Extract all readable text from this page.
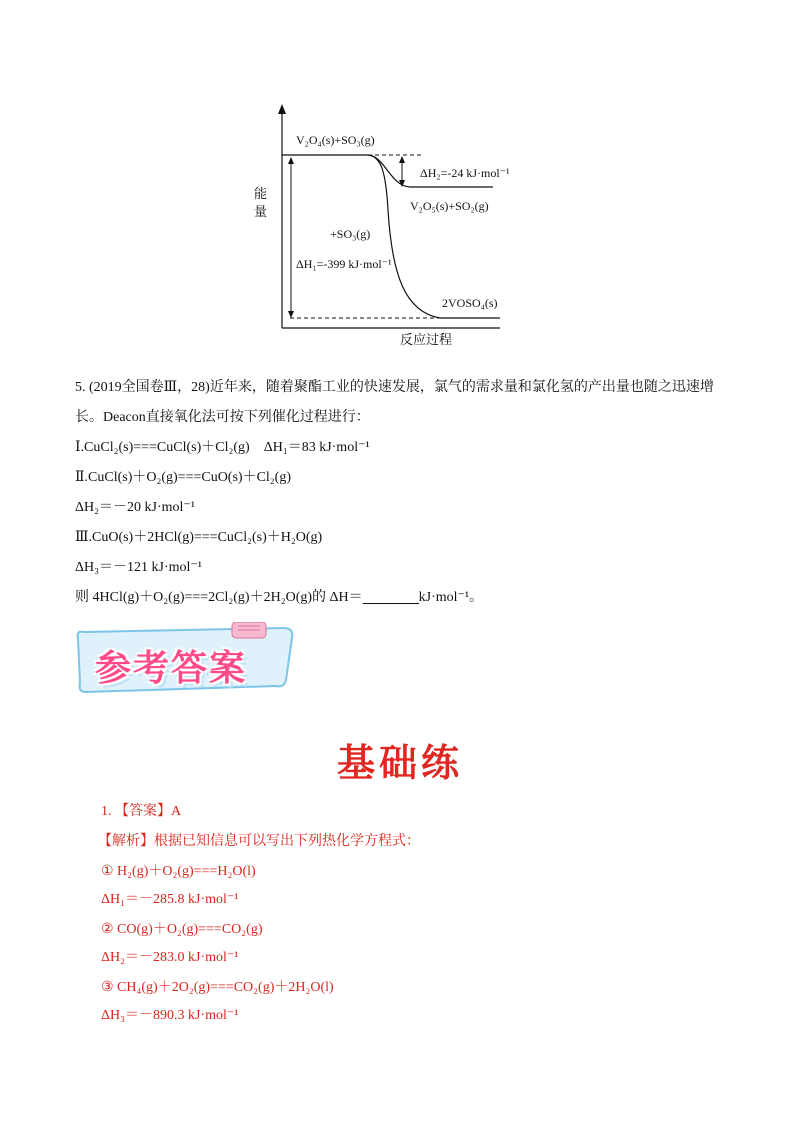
能
量
反应过程
V₂O₄(s)+SO₃(g)
ΔH₂=-24 kJ·mol⁻¹
V₂O₅(s)+SO₂(g)
+SO₃(g)
ΔH₁=-399 kJ·mol⁻¹
2VOSO₄(s)
5. (2019全国卷Ⅲ，28)近年来，随着聚酯工业的快速发展，氯气的需求量和氯化氢的产出量也随之迅速增
长。Deacon直接氧化法可按下列催化过程进行：
Ⅰ.CuCl₂(s)===CuCl(s)＋Cl₂(g)　ΔH₁＝83 kJ·mol⁻¹
Ⅱ.CuCl(s)＋O₂(g)===CuO(s)＋Cl₂(g)
ΔH₂＝－20 kJ·mol⁻¹
Ⅲ.CuO(s)＋2HCl(g)===CuCl₂(s)＋H₂O(g)
ΔH₃＝－121 kJ·mol⁻¹
则 4HCl(g)＋O₂(g)===2Cl₂(g)＋2H₂O(g)的 ΔH＝	kJ·mol⁻¹。
参考答案
基础练
1. 【答案】A
【解析】根据已知信息可以写出下列热化学方程式：
① H₂(g)＋O₂(g)===H₂O(l)
ΔH₁＝－285.8 kJ·mol⁻¹
② CO(g)＋O₂(g)===CO₂(g)
ΔH₂＝－283.0 kJ·mol⁻¹
③ CH₄(g)＋2O₂(g)===CO₂(g)＋2H₂O(l)
ΔH₃＝－890.3 kJ·mol⁻¹
